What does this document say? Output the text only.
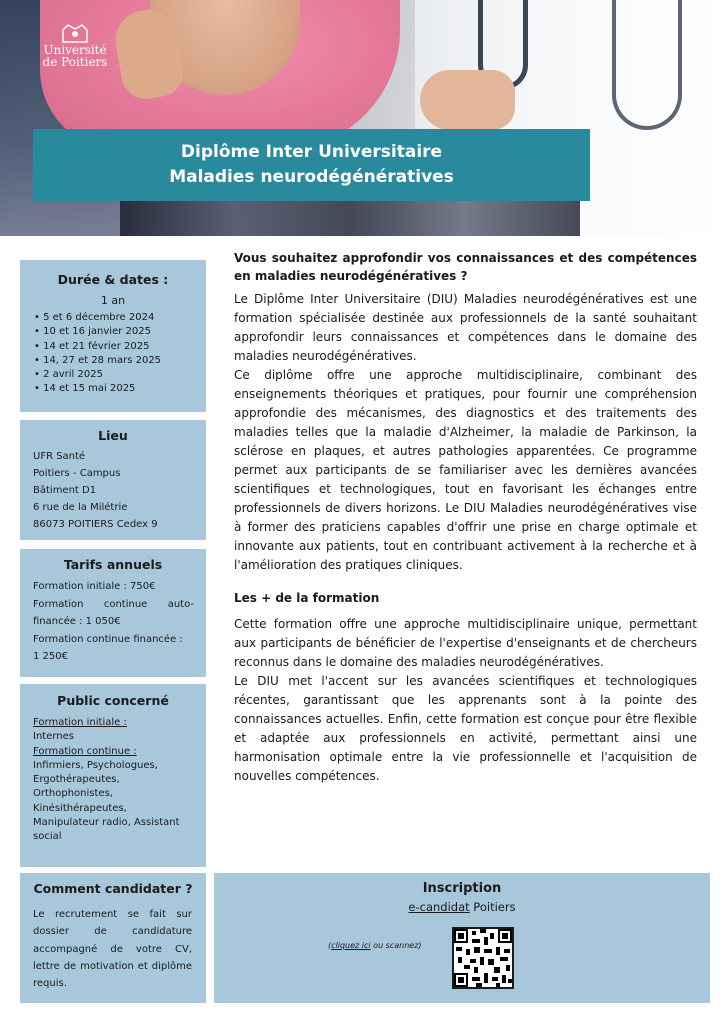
Université
de Poitiers
Diplôme Inter Universitaire
Maladies neurodégénératives
Durée & dates :
1 an
• 5 et 6 décembre 2024
• 10 et 16 janvier 2025
• 14 et 21 février 2025
• 14, 27 et 28 mars 2025
• 2 avril 2025
• 14 et 15 mai 2025
Lieu
UFR Santé
Poitiers - Campus
Bâtiment D1
6 rue de la Milétrie
86073 POITIERS Cedex 9
Tarifs annuels
Formation initiale : 750€
Formation continue auto-
financée : 1 050€
Formation continue financée :
1 250€
Public concerné
Formation initiale :
Internes
Formation continue :
Infirmiers, Psychologues,
Ergothérapeutes,
Orthophonistes,
Kinésithérapeutes,
Manipulateur radio, Assistant
social
Comment candidater ?
Le recrutement se fait sur dossier de candidature accompagné de votre CV, lettre de motivation et diplôme requis.
Inscription
e-candidat Poitiers
(cliquez ici ou scannez)
Vous souhaitez approfondir vos connaissances et des compétences en maladies neurodégénératives ?
Le Diplôme Inter Universitaire (DIU) Maladies neurodégénératives est une formation spécialisée destinée aux professionnels de la santé souhaitant approfondir leurs connaissances et compétences dans le domaine des maladies neurodégénératives.
Ce diplôme offre une approche multidisciplinaire, combinant des enseignements théoriques et pratiques, pour fournir une compréhension approfondie des mécanismes, des diagnostics et des traitements des maladies telles que la maladie d'Alzheimer, la maladie de Parkinson, la sclérose en plaques, et autres pathologies apparentées. Ce programme permet aux participants de se familiariser avec les dernières avancées scientifiques et technologiques, tout en favorisant les échanges entre professionnels de divers horizons. Le DIU Maladies neurodégénératives vise à former des praticiens capables d'offrir une prise en charge optimale et innovante aux patients, tout en contribuant activement à la recherche et à l'amélioration des pratiques cliniques.
Les + de la formation
Cette formation offre une approche multidisciplinaire unique, permettant aux participants de bénéficier de l'expertise d'enseignants et de chercheurs reconnus dans le domaine des maladies neurodégénératives.
Le DIU met l'accent sur les avancées scientifiques et technologiques récentes, garantissant que les apprenants sont à la pointe des connaissances actuelles. Enfin, cette formation est conçue pour être flexible et adaptée aux professionnels en activité, permettant ainsi une harmonisation optimale entre la vie professionnelle et l'acquisition de nouvelles compétences.
